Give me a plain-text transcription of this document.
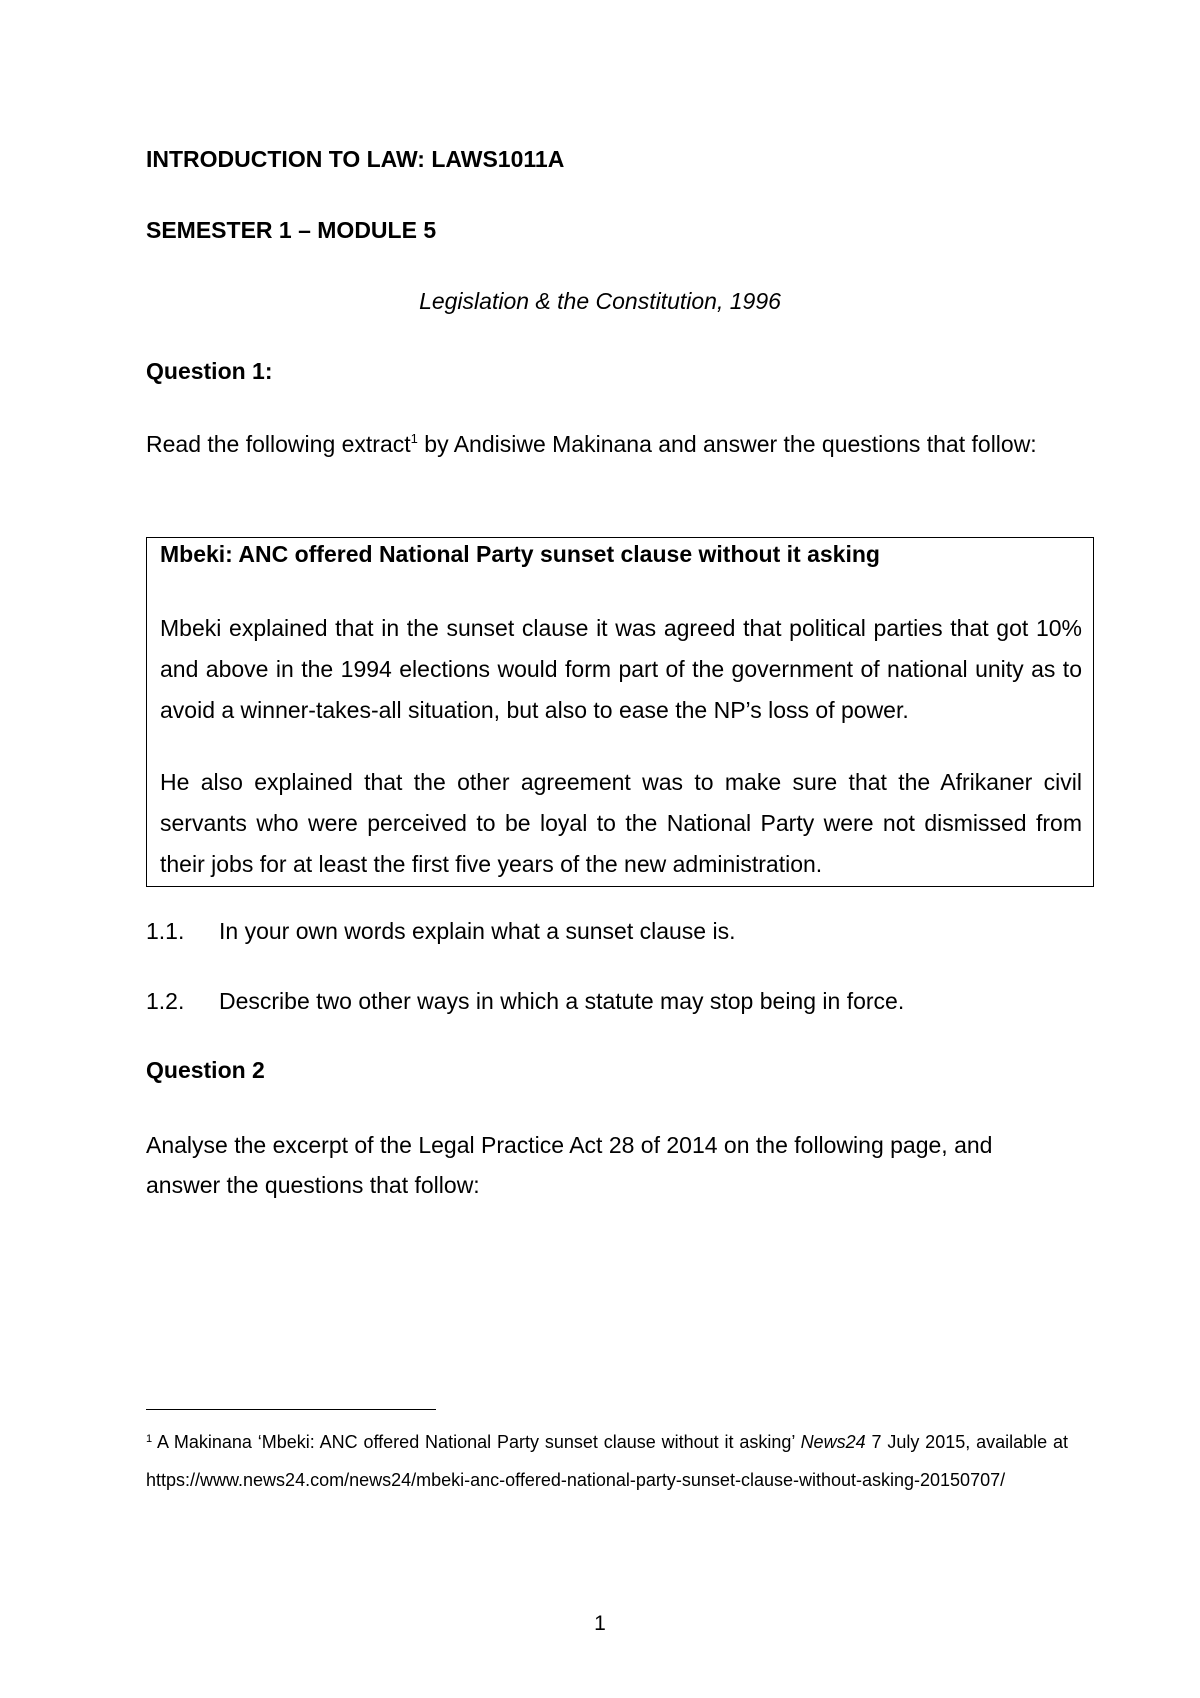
INTRODUCTION TO LAW: LAWS1011A
SEMESTER 1 – MODULE 5
Legislation & the Constitution, 1996
Question 1:
Read the following extract$^1$ by Andisiwe Makinana and answer the questions that follow:
Mbeki: ANC offered National Party sunset clause without it asking
Mbeki explained that in the sunset clause it was agreed that political parties that got 10% and above in the 1994 elections would form part of the government of national unity as to avoid a winner-takes-all situation, but also to ease the NP’s loss of power.
He also explained that the other agreement was to make sure that the Afrikaner civil servants who were perceived to be loyal to the National Party were not dismissed from their jobs for at least the first five years of the new administration.
1.1.	In your own words explain what a sunset clause is.
1.2.	Describe two other ways in which a statute may stop being in force.
Question 2
Analyse the excerpt of the Legal Practice Act 28 of 2014 on the following page, and answer the questions that follow:
$^1$ A Makinana ‘Mbeki: ANC offered National Party sunset clause without it asking’ News24 7 July 2015, available at https://www.news24.com/news24/mbeki-anc-offered-national-party-sunset-clause-without-asking-20150707/
1
